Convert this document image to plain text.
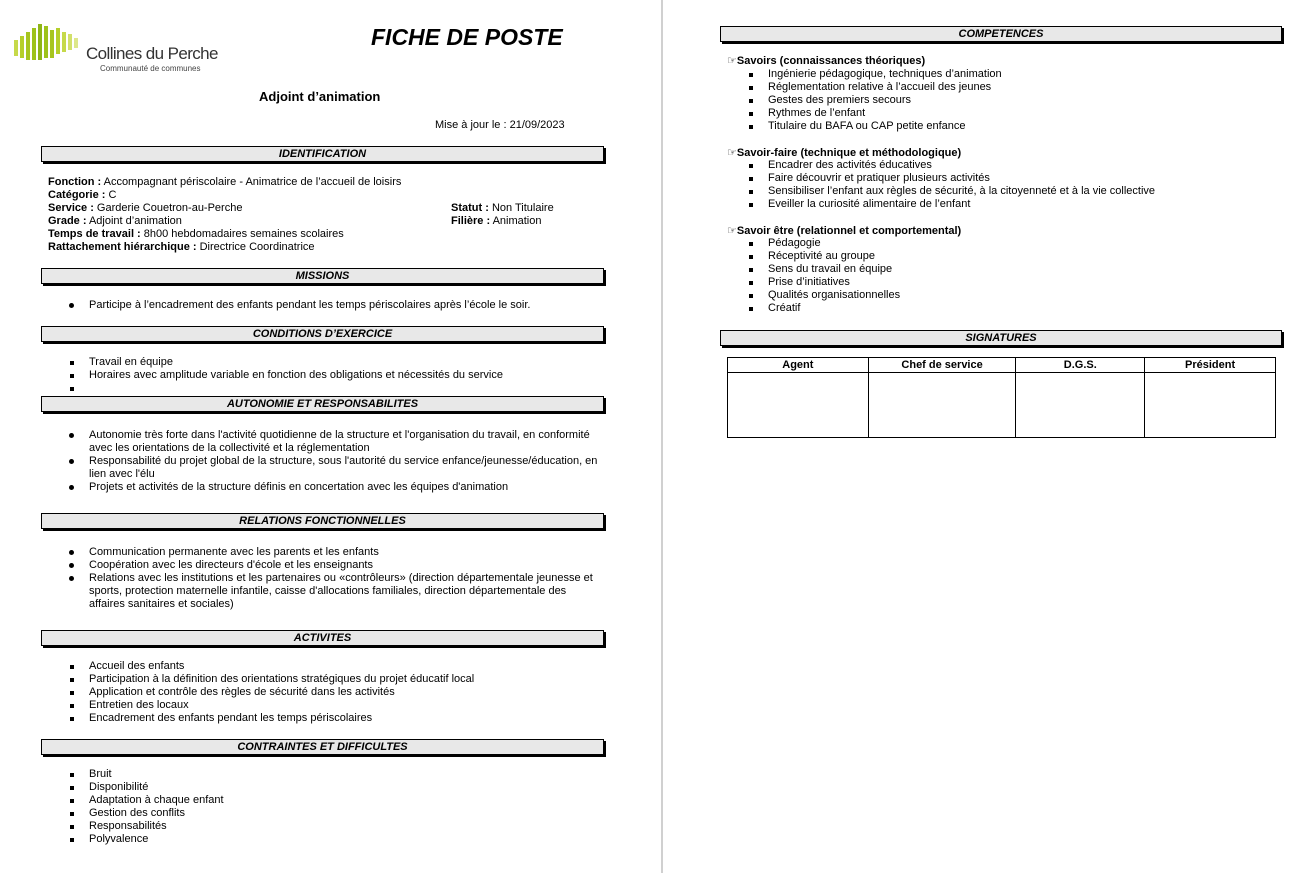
Collines du Perche
Communauté de communes
FICHE DE POSTE
Adjoint d’animation
Mise à jour le : 21/09/2023
IDENTIFICATION
Fonction : Accompagnant périscolaire - Animatrice de l’accueil de loisirs
Catégorie : C
Service : Garderie Couetron-au-Perche	Statut : Non Titulaire
Grade : Adjoint d’animation	Filière : Animation
Temps de travail : 8h00 hebdomadaires semaines scolaires
Rattachement hiérarchique : Directrice Coordinatrice
MISSIONS
Participe à l’encadrement des enfants pendant les temps périscolaires après l’école le soir.
CONDITIONS D’EXERCICE
Travail en équipe
Horaires avec amplitude variable en fonction des obligations et nécessités du service
AUTONOMIE ET RESPONSABILITES
Autonomie très forte dans l'activité quotidienne de la structure et l'organisation du travail, en conformité avec les orientations de la collectivité et la réglementation
Responsabilité du projet global de la structure, sous l'autorité du service enfance/jeunesse/éducation, en lien avec l'élu
Projets et activités de la structure définis en concertation avec les équipes d'animation
RELATIONS FONCTIONNELLES
Communication permanente avec les parents et les enfants
Coopération avec les directeurs d'école et les enseignants
Relations avec les institutions et les partenaires ou «contrôleurs» (direction départementale jeunesse et sports, protection maternelle infantile, caisse d'allocations familiales, direction départementale des affaires sanitaires et sociales)
ACTIVITES
Accueil des enfants
Participation à la définition des orientations stratégiques du projet éducatif local
Application et contrôle des règles de sécurité dans les activités
Entretien des locaux
Encadrement des enfants pendant les temps périscolaires
CONTRAINTES ET DIFFICULTES
Bruit
Disponibilité
Adaptation à chaque enfant
Gestion des conflits
Responsabilités
Polyvalence
COMPETENCES
☞Savoirs (connaissances théoriques)
Ingénierie pédagogique, techniques d’animation
Réglementation relative à l’accueil des jeunes
Gestes des premiers secours
Rythmes de l’enfant
Titulaire du BAFA ou CAP petite enfance
☞Savoir-faire (technique et méthodologique)
Encadrer des activités éducatives
Faire découvrir et pratiquer plusieurs activités
Sensibiliser l’enfant aux règles de sécurité, à la citoyenneté et à la vie collective
Eveiller la curiosité alimentaire de l’enfant
☞Savoir être (relationnel et comportemental)
Pédagogie
Réceptivité au groupe
Sens du travail en équipe
Prise d’initiatives
Qualités organisationnelles
Créatif
SIGNATURES
Agent	Chef de service	D.G.S.	Président
